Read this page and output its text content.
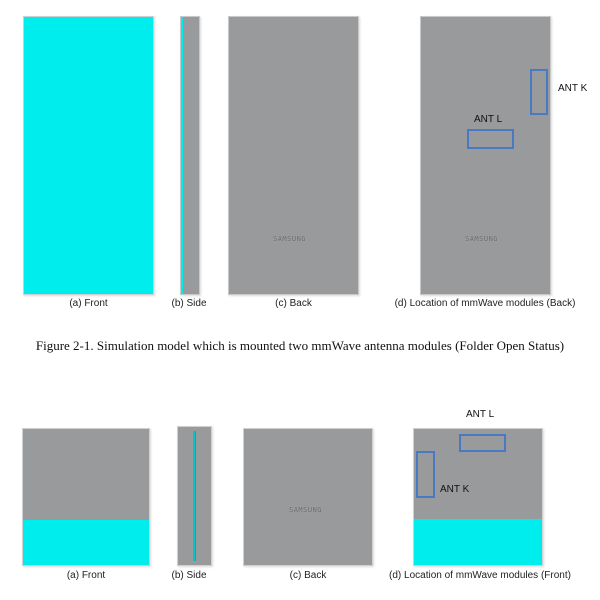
(a) Front	(b) Side
SAMSUNG
(c) Back
SAMSUNG
ANT K
ANT L
(d) Location of mmWave modules (Back)
Figure 2-1. Simulation model which is mounted two mmWave antenna modules (Folder Open Status)
(a) Front	(b) Side
SAMSUNG
(c) Back
ANT L
ANT K
(d) Location of mmWave modules (Front)
